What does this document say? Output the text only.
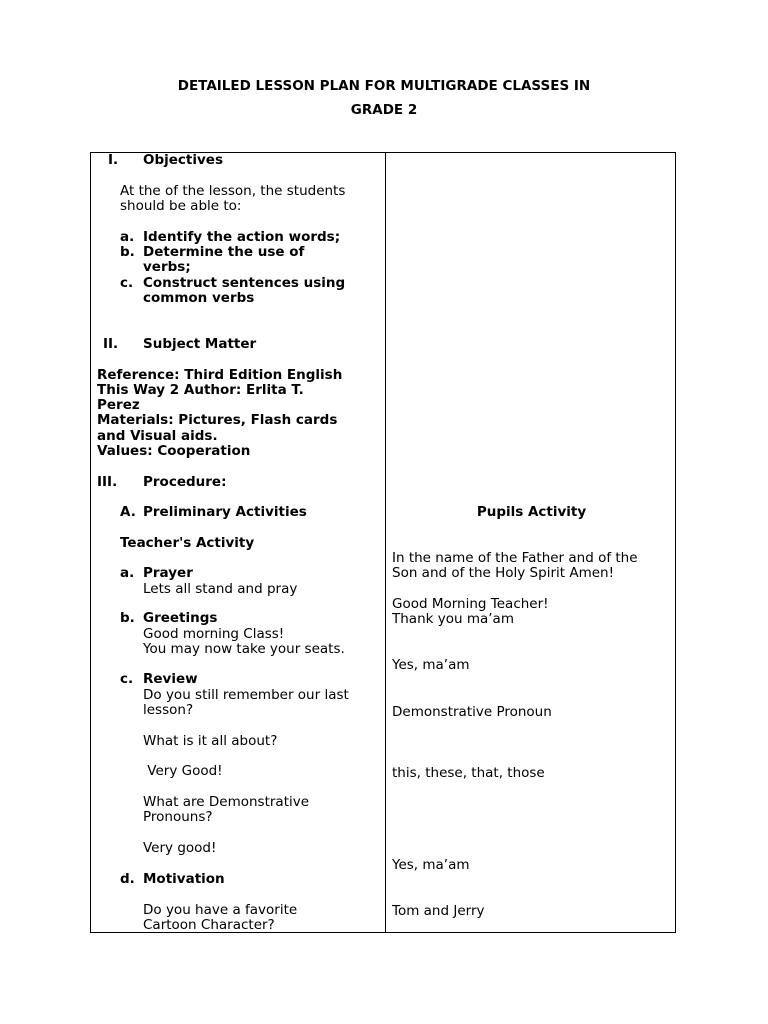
DETAILED LESSON PLAN FOR MULTIGRADE CLASSES IN
GRADE 2
I. Objectives
At the of the lesson, the students
should be able to:
a. Identify the action words;
b. Determine the use of
verbs;
c. Construct sentences using
common verbs
II. Subject Matter
Reference: Third Edition English
This Way 2 Author: Erlita T.
Perez
Materials: Pictures, Flash cards
and Visual aids.
Values: Cooperation
III. Procedure:
A. Preliminary Activities
Teacher's Activity
a. Prayer
Lets all stand and pray
b. Greetings
Good morning Class!
You may now take your seats.
c. Review
Do you still remember our last
lesson?
What is it all about?
Very Good!
What are Demonstrative
Pronouns?
Very good!
d. Motivation
Do you have a favorite
Cartoon Character?
Pupils Activity
In the name of the Father and of the
Son and of the Holy Spirit Amen!
Good Morning Teacher!
Thank you ma’am
Yes, ma’am
Demonstrative Pronoun
this, these, that, those
Yes, ma’am
Tom and Jerry
